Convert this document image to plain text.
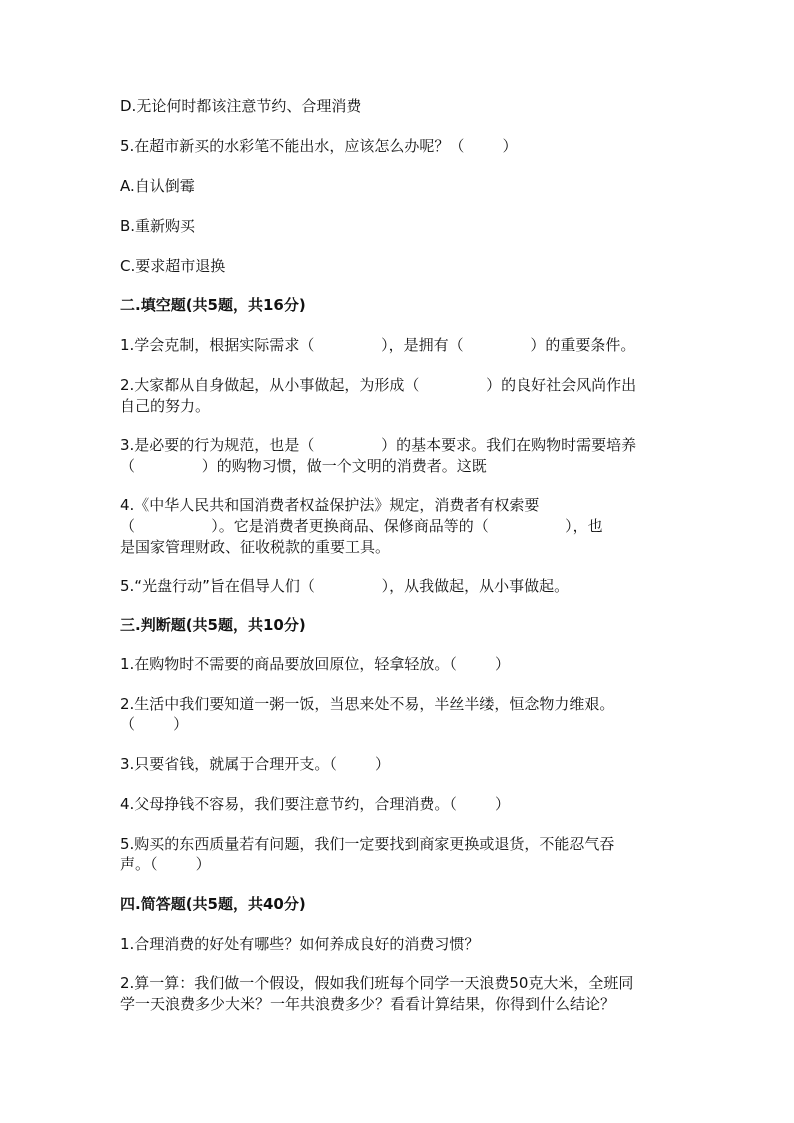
D.无论何时都该注意节约、合理消费
5.在超市新买的水彩笔不能出水，应该怎么办呢？（        ）
A.自认倒霉
B.重新购买
C.要求超市退换
二.填空题(共5题，共16分)
1.学会克制，根据实际需求（              ），是拥有（              ）的重要条件。
2.大家都从自身做起，从小事做起，为形成（              ）的良好社会风尚作出
自己的努力。
3.是必要的行为规范，也是（              ）的基本要求。我们在购物时需要培养
（              ）的购物习惯，做一个文明的消费者。这既
4.《中华人民共和国消费者权益保护法》规定，消费者有权索要
（                ）。它是消费者更换商品、保修商品等的（                ），也
是国家管理财政、征收税款的重要工具。
5.“光盘行动”旨在倡导人们（              ），从我做起，从小事做起。
三.判断题(共5题，共10分)
1.在购物时不需要的商品要放回原位，轻拿轻放。（        ）
2.生活中我们要知道一粥一饭，当思来处不易，半丝半缕，恒念物力维艰。
（        ）
3.只要省钱，就属于合理开支。（        ）
4.父母挣钱不容易，我们要注意节约，合理消费。（        ）
5.购买的东西质量若有问题，我们一定要找到商家更换或退货，不能忍气吞
声。（        ）
四.简答题(共5题，共40分)
1.合理消费的好处有哪些？如何养成良好的消费习惯？
2.算一算：我们做一个假设，假如我们班每个同学一天浪费50克大米，全班同
学一天浪费多少大米？一年共浪费多少？看看计算结果，你得到什么结论？
